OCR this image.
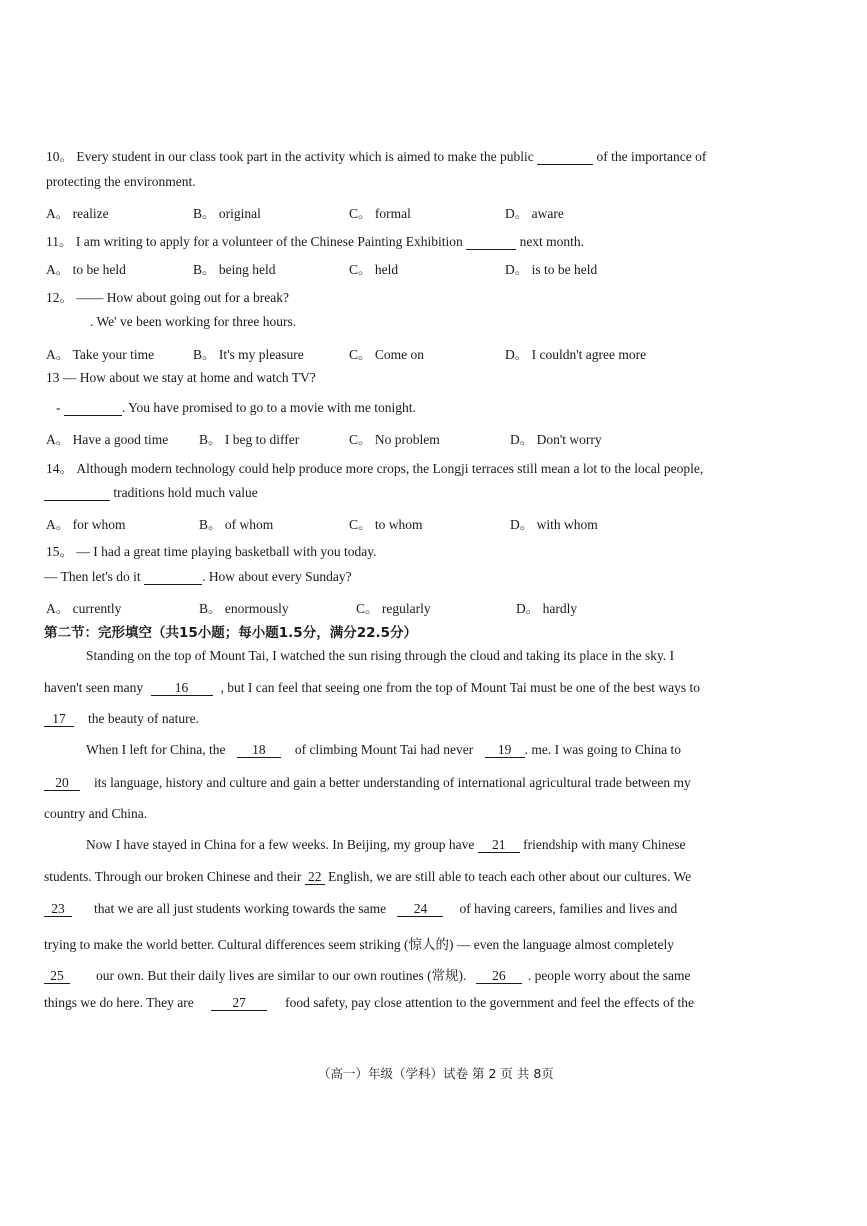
10。 Every student in our class took part in the activity which is aimed to make the public	of the importance of
protecting the environment.
A。 realize	B。 original	C。 formal	D。 aware
11。 I am writing to apply for a volunteer of the Chinese Painting Exhibition	next month.
A。 to be held	B。 being held	C。 held	D。 is to be held
12。 —— How about going out for a break?
. We' ve been working for three hours.
A。 Take your time	B。 It's my pleasure	C。 Come on	D。 I couldn't agree more
13 — How about we stay at home and watch TV?
-	. You have promised to go to a movie with me tonight.
A。 Have a good time B。 I beg to differ	C。 No problem	D。 Don't worry
14。 Although modern technology could help produce more crops, the Longji terraces still mean a lot to the local people,
traditions hold much value
A。 for whom	B。 of whom	C。 to whom	D。 with whom
15。 — I had a great time playing basketball with you today.
— Then let's do it	. How about every Sunday?
A。 currently	B。 enormously	C。 regularly	D。 hardly
第二节：完形填空（共15小题；每小题1.5分，满分22.5分）
Standing on the top of Mount Tai, I watched the sun rising through the cloud and taking its place in the sky. I
haven't seen many 16 , but I can feel that seeing one from the top of Mount Tai must be one of the best ways to
17 the beauty of nature.
When I left for China, the 18 of climbing Mount Tai had never 19 . me. I was going to China to
20 its language, history and culture and gain a better understanding of international agricultural trade between my
country and China.
Now I have stayed in China for a few weeks. In Beijing, my group have 21 friendship with many Chinese
students. Through our broken Chinese and their 22 English, we are still able to teach each other about our cultures. We
23 that we are all just students working towards the same 24 of having careers, families and lives and
trying to make the world better. Cultural differences seem striking (惊人的) — even the language almost completely
25 our own. But their daily lives are similar to our own routines (常规). 26 . people worry about the same
things we do here. They are	27	food safety, pay close attention to the government and feel the effects of the
（高一）年级（学科）试卷 第 2 页 共 8页
